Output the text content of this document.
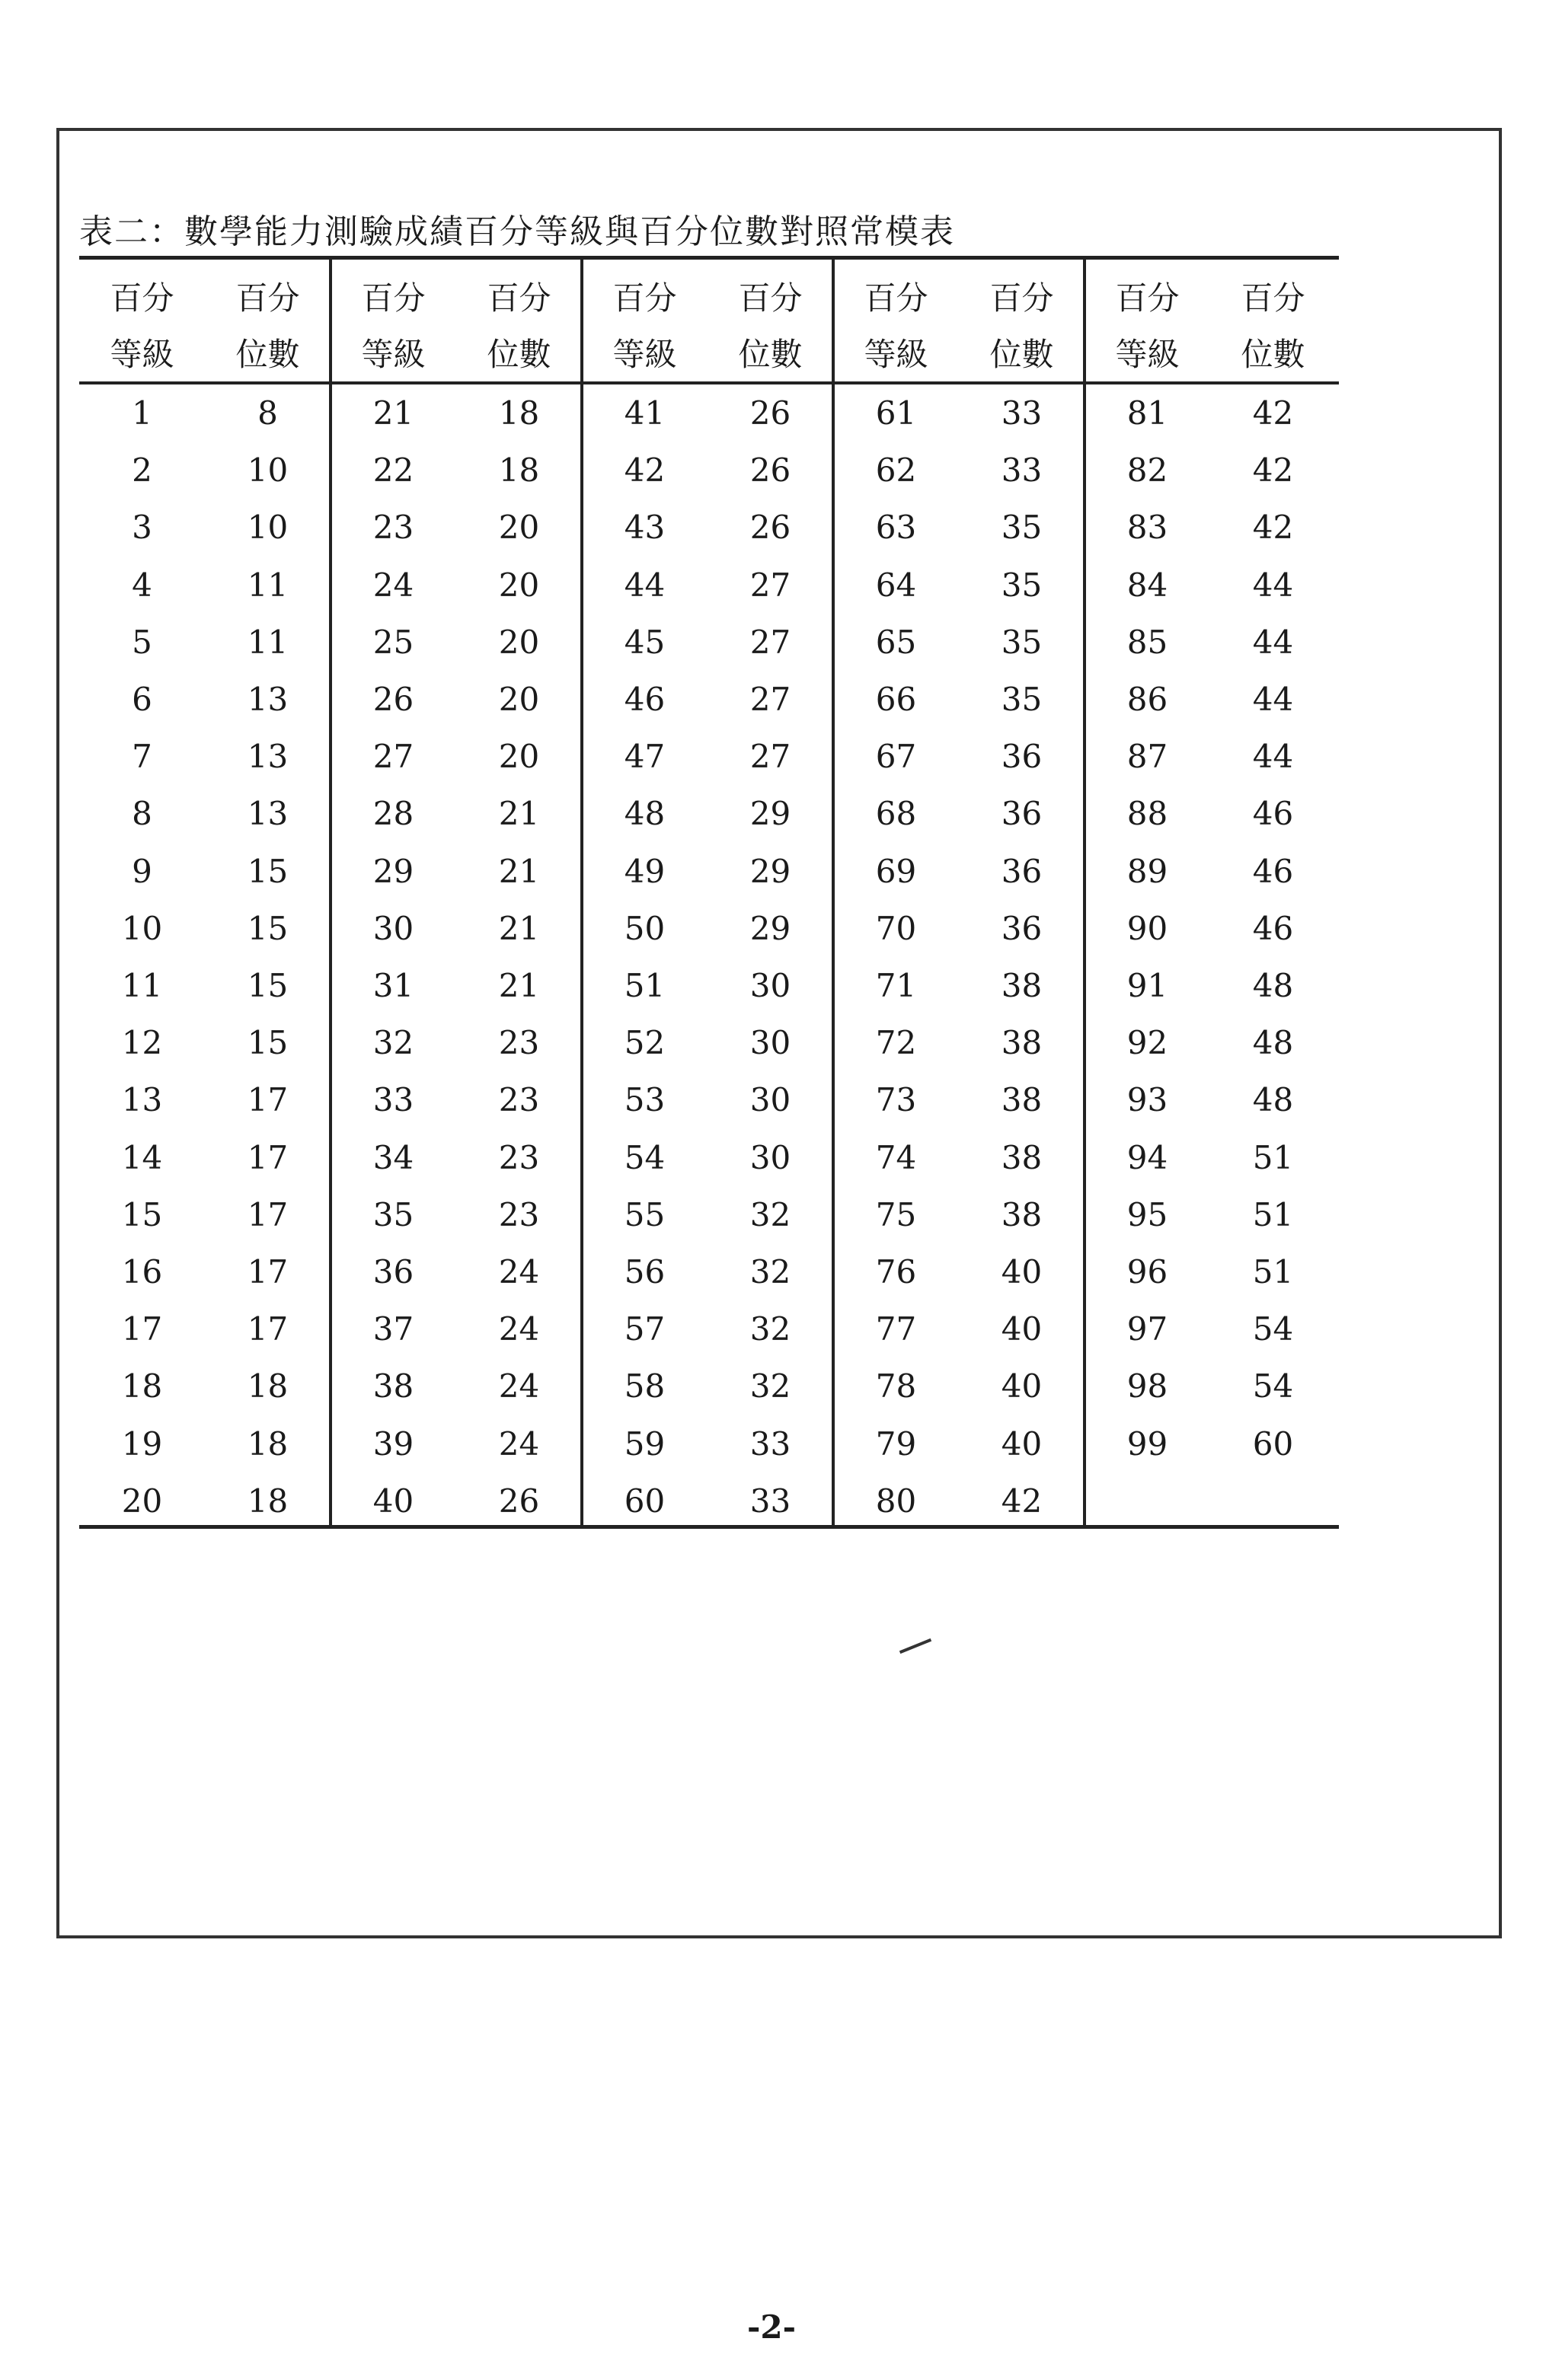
表二：數學能力測驗成績百分等級與百分位數對照常模表
百分
等級
百分
位數
1	8
2	10
3	10
4	11
5	11
6	13
7	13
8	13
9	15
10	15
11	15
12	15
13	17
14	17
15	17
16	17
17	17
18	18
19	18
20	18
百分
等級
百分
位數
21	18
22	18
23	20
24	20
25	20
26	20
27	20
28	21
29	21
30	21
31	21
32	23
33	23
34	23
35	23
36	24
37	24
38	24
39	24
40	26
百分
等級
百分
位數
41	26
42	26
43	26
44	27
45	27
46	27
47	27
48	29
49	29
50	29
51	30
52	30
53	30
54	30
55	32
56	32
57	32
58	32
59	33
60	33
百分
等級
百分
位數
61	33
62	33
63	35
64	35
65	35
66	35
67	36
68	36
69	36
70	36
71	38
72	38
73	38
74	38
75	38
76	40
77	40
78	40
79	40
80	42
百分
等級
百分
位數
81	42
82	42
83	42
84	44
85	44
86	44
87	44
88	46
89	46
90	46
91	48
92	48
93	48
94	51
95	51
96	51
97	54
98	54
99	60
-2-
